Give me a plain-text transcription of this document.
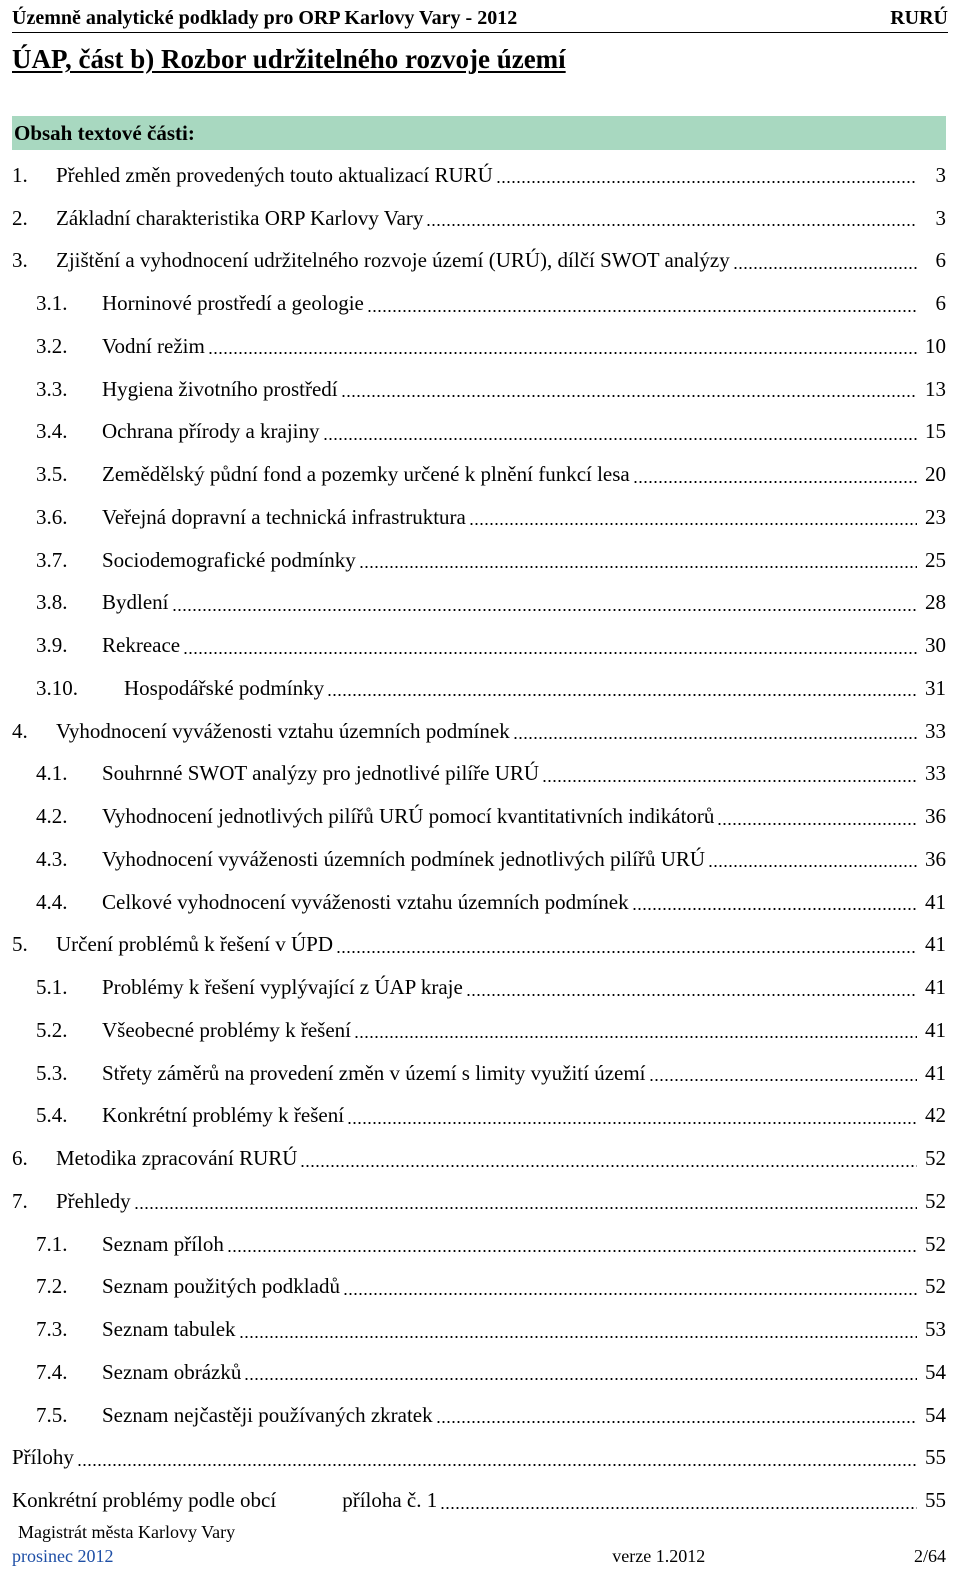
Územně analytické podklady pro ORP Karlovy Vary - 2012	RURÚ
ÚAP, část b) Rozbor udržitelného rozvoje území
Obsah textové části:
1.	Přehled změn provedených touto aktualizací RURÚ	3
2.	Základní charakteristika ORP Karlovy Vary	3
3.	Zjištění a vyhodnocení udržitelného rozvoje území (URÚ), dílčí SWOT analýzy	6
3.1.	Horninové prostředí a geologie	6
3.2.	Vodní režim	10
3.3.	Hygiena životního prostředí	13
3.4.	Ochrana přírody a krajiny	15
3.5.	Zemědělský půdní fond a pozemky určené k plnění funkcí lesa	20
3.6.	Veřejná dopravní a technická infrastruktura	23
3.7.	Sociodemografické podmínky	25
3.8.	Bydlení	28
3.9.	Rekreace	30
3.10.	Hospodářské podmínky	31
4.	Vyhodnocení vyváženosti vztahu územních podmínek	33
4.1.	Souhrnné SWOT analýzy pro jednotlivé pilíře URÚ	33
4.2.	Vyhodnocení jednotlivých pilířů URÚ pomocí kvantitativních indikátorů	36
4.3.	Vyhodnocení vyváženosti územních podmínek jednotlivých pilířů URÚ	36
4.4.	Celkové vyhodnocení vyváženosti vztahu územních podmínek	41
5.	Určení problémů k řešení v ÚPD	41
5.1.	Problémy k řešení vyplývající z ÚAP kraje	41
5.2.	Všeobecné problémy k řešení	41
5.3.	Střety záměrů na provedení změn v území s limity využití území	41
5.4.	Konkrétní problémy k řešení	42
6.	Metodika zpracování RURÚ	52
7.	Přehledy	52
7.1.	Seznam příloh	52
7.2.	Seznam použitých podkladů	52
7.3.	Seznam tabulek	53
7.4.	Seznam obrázků	54
7.5.	Seznam nejčastěji používaných zkratek	54
Přílohy	55
Konkrétní problémy podle obcí	příloha č. 1	55
Magistrát města Karlovy Vary
prosinec 2012	verze 1.2012	2/64
